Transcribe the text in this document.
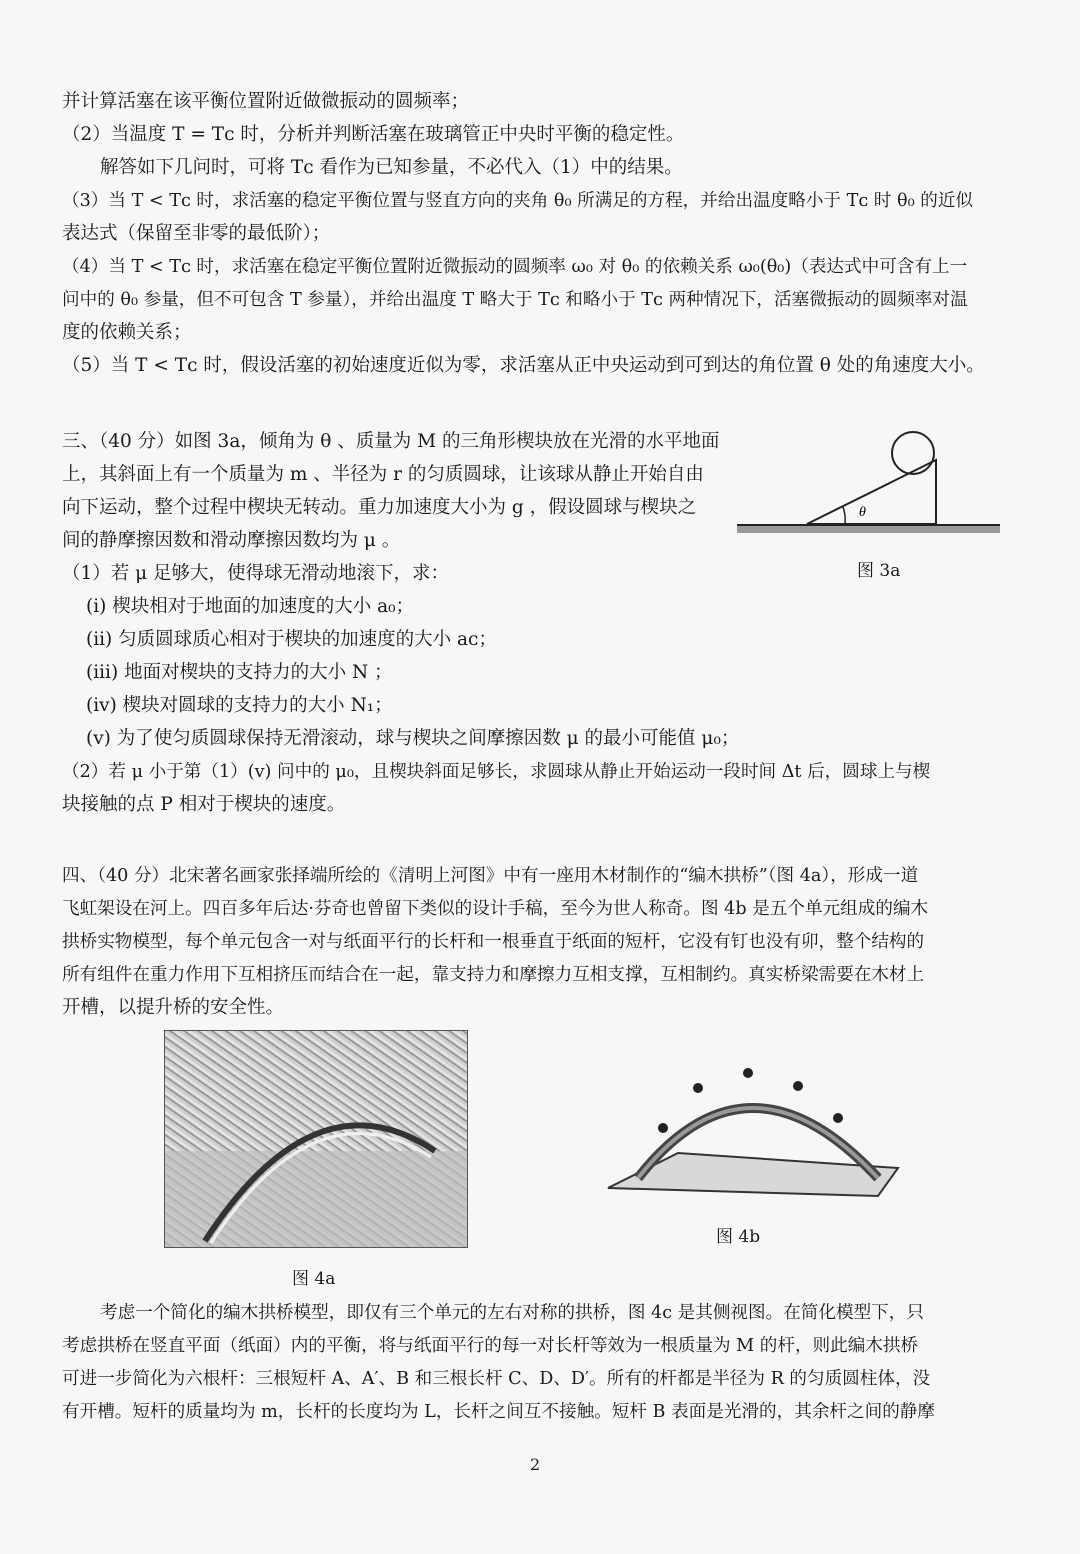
并计算活塞在该平衡位置附近做微振动的圆频率；
（2）当温度 T = Tᴄ 时，分析并判断活塞在玻璃管正中央时平衡的稳定性。
解答如下几问时，可将 Tᴄ 看作为已知参量，不必代入（1）中的结果。
（3）当 T < Tᴄ 时，求活塞的稳定平衡位置与竖直方向的夹角 θ₀ 所满足的方程，并给出温度略小于 Tᴄ 时 θ₀ 的近似
表达式（保留至非零的最低阶）；
（4）当 T < Tᴄ 时，求活塞在稳定平衡位置附近微振动的圆频率 ω₀ 对 θ₀ 的依赖关系 ω₀(θ₀)（表达式中可含有上一
问中的 θ₀ 参量，但不可包含 T 参量），并给出温度 T 略大于 Tᴄ 和略小于 Tᴄ 两种情况下，活塞微振动的圆频率对温
度的依赖关系；
（5）当 T < Tᴄ 时，假设活塞的初始速度近似为零，求活塞从正中央运动到可到达的角位置 θ 处的角速度大小。
三、（40 分）如图 3a，倾角为 θ 、质量为 M 的三角形楔块放在光滑的水平地面
上，其斜面上有一个质量为 m 、半径为 r 的匀质圆球，让该球从静止开始自由
向下运动，整个过程中楔块无转动。重力加速度大小为 g ，假设圆球与楔块之
间的静摩擦因数和滑动摩擦因数均为 μ 。
（1）若 μ 足够大，使得球无滑动地滚下，求：
(i) 楔块相对于地面的加速度的大小 a₀；
(ii) 匀质圆球质心相对于楔块的加速度的大小 aᴄ；
(iii) 地面对楔块的支持力的大小 N ；
(iv) 楔块对圆球的支持力的大小 N₁；
(v) 为了使匀质圆球保持无滑滚动，球与楔块之间摩擦因数 μ 的最小可能值 μ₀；
（2）若 μ 小于第（1）(v) 问中的 μ₀，且楔块斜面足够长，求圆球从静止开始运动一段时间 Δt 后，圆球上与楔
块接触的点 P 相对于楔块的速度。
θ
图 3a
四、（40 分）北宋著名画家张择端所绘的《清明上河图》中有一座用木材制作的“编木拱桥”（图 4a），形成一道
飞虹架设在河上。四百多年后达·芬奇也曾留下类似的设计手稿，至今为世人称奇。图 4b 是五个单元组成的编木
拱桥实物模型，每个单元包含一对与纸面平行的长杆和一根垂直于纸面的短杆，它没有钉也没有卯，整个结构的
所有组件在重力作用下互相挤压而结合在一起，靠支持力和摩擦力互相支撑，互相制约。真实桥梁需要在木材上
开槽，以提升桥的安全性。
图 4a
图 4b
考虑一个简化的编木拱桥模型，即仅有三个单元的左右对称的拱桥，图 4c 是其侧视图。在简化模型下，只
考虑拱桥在竖直平面（纸面）内的平衡，将与纸面平行的每一对长杆等效为一根质量为 M 的杆，则此编木拱桥
可进一步简化为六根杆：三根短杆 A、A′、B 和三根长杆 C、D、D′。所有的杆都是半径为 R 的匀质圆柱体，没
有开槽。短杆的质量均为 m，长杆的长度均为 L，长杆之间互不接触。短杆 B 表面是光滑的，其余杆之间的静摩
2
